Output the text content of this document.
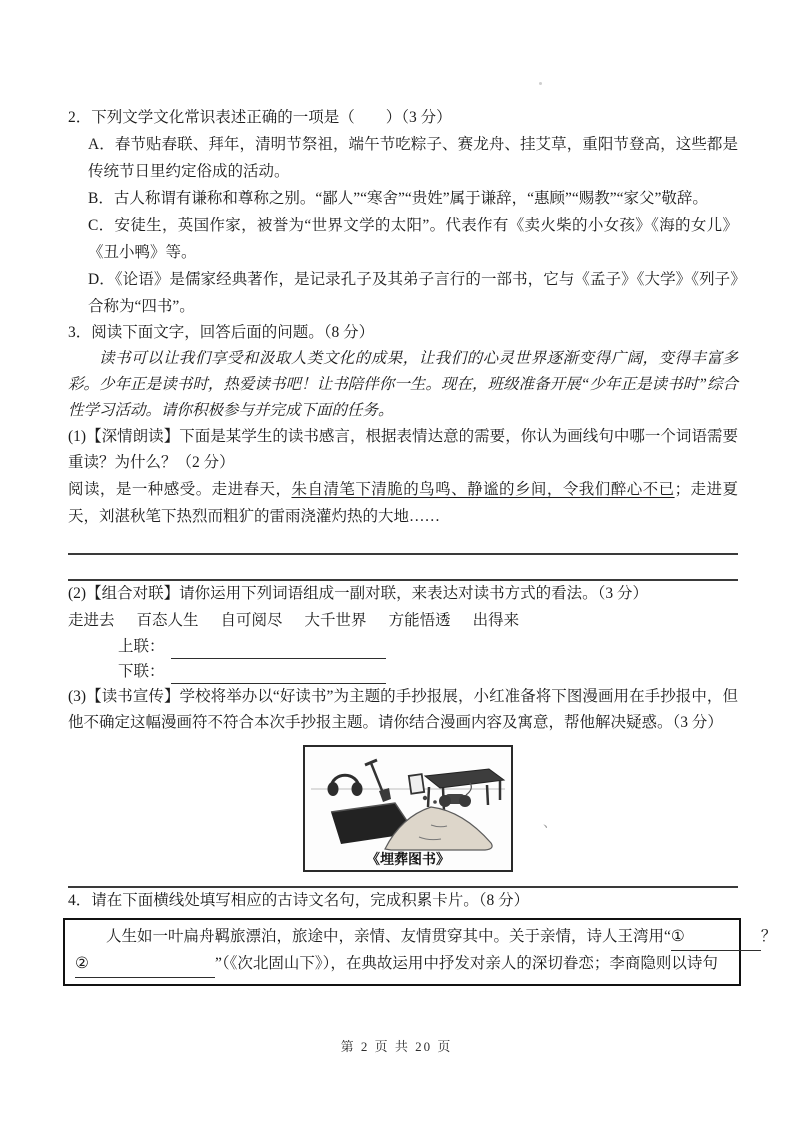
2．下列文学文化常识表述正确的一项是（　　）（3 分）

A．春节贴春联、拜年，清明节祭祖，端午节吃粽子、赛龙舟、挂艾草，重阳节登高，这些都是传统节日里约定俗成的活动。

B．古人称谓有谦称和尊称之别。“鄙人”“寒舍”“贵姓”属于谦辞，“惠顾”“赐教”“家父”敬辞。

C．安徒生，英国作家，被誉为“世界文学的太阳”。代表作有《卖火柴的小女孩》《海的女儿》《丑小鸭》等。

D．《论语》是儒家经典著作，是记录孔子及其弟子言行的一部书，它与《孟子》《大学》《列子》合称为“四书”。

3．阅读下面文字，回答后面的问题。（8 分）

读书可以让我们享受和汲取人类文化的成果，让我们的心灵世界逐渐变得广阔，变得丰富多彩。少年正是读书时，热爱读书吧！让书陪伴你一生。现在，班级准备开展“少年正是读书时”综合性学习活动。请你积极参与并完成下面的任务。

(1)【深情朗读】下面是某学生的读书感言，根据表情达意的需要，你认为画线句中哪一个词语需要重读？为什么？（2 分）

阅读，是一种感受。走进春天，朱自清笔下清脆的鸟鸣、静谧的乡间，令我们醉心不已；走进夏天，刘湛秋笔下热烈而粗犷的雷雨浇灌灼热的大地……

(2)【组合对联】请你运用下列词语组成一副对联，来表达对读书方式的看法。（3 分）

走进去 百态人生 自可阅尽 大千世界 方能悟透 出得来

上联：
下联：

(3)【读书宣传】学校将举办以“好读书”为主题的手抄报展，小红准备将下图漫画用在手抄报中，但他不确定这幅漫画符不符合本次手抄报主题。请你结合漫画内容及寓意，帮他解决疑惑。（3 分）

《埋葬图书》

4．请在下面横线处填写相应的古诗文名句，完成积累卡片。（8 分）

人生如一叶扁舟羁旅漂泊，旅途中，亲情、友情贯穿其中。关于亲情，诗人王湾用“ ①	？
②	”（《次北固山下》），在典故运用中抒发对亲人的深切眷恋；李商隐则以诗句
、
第 2 页 共 20 页
